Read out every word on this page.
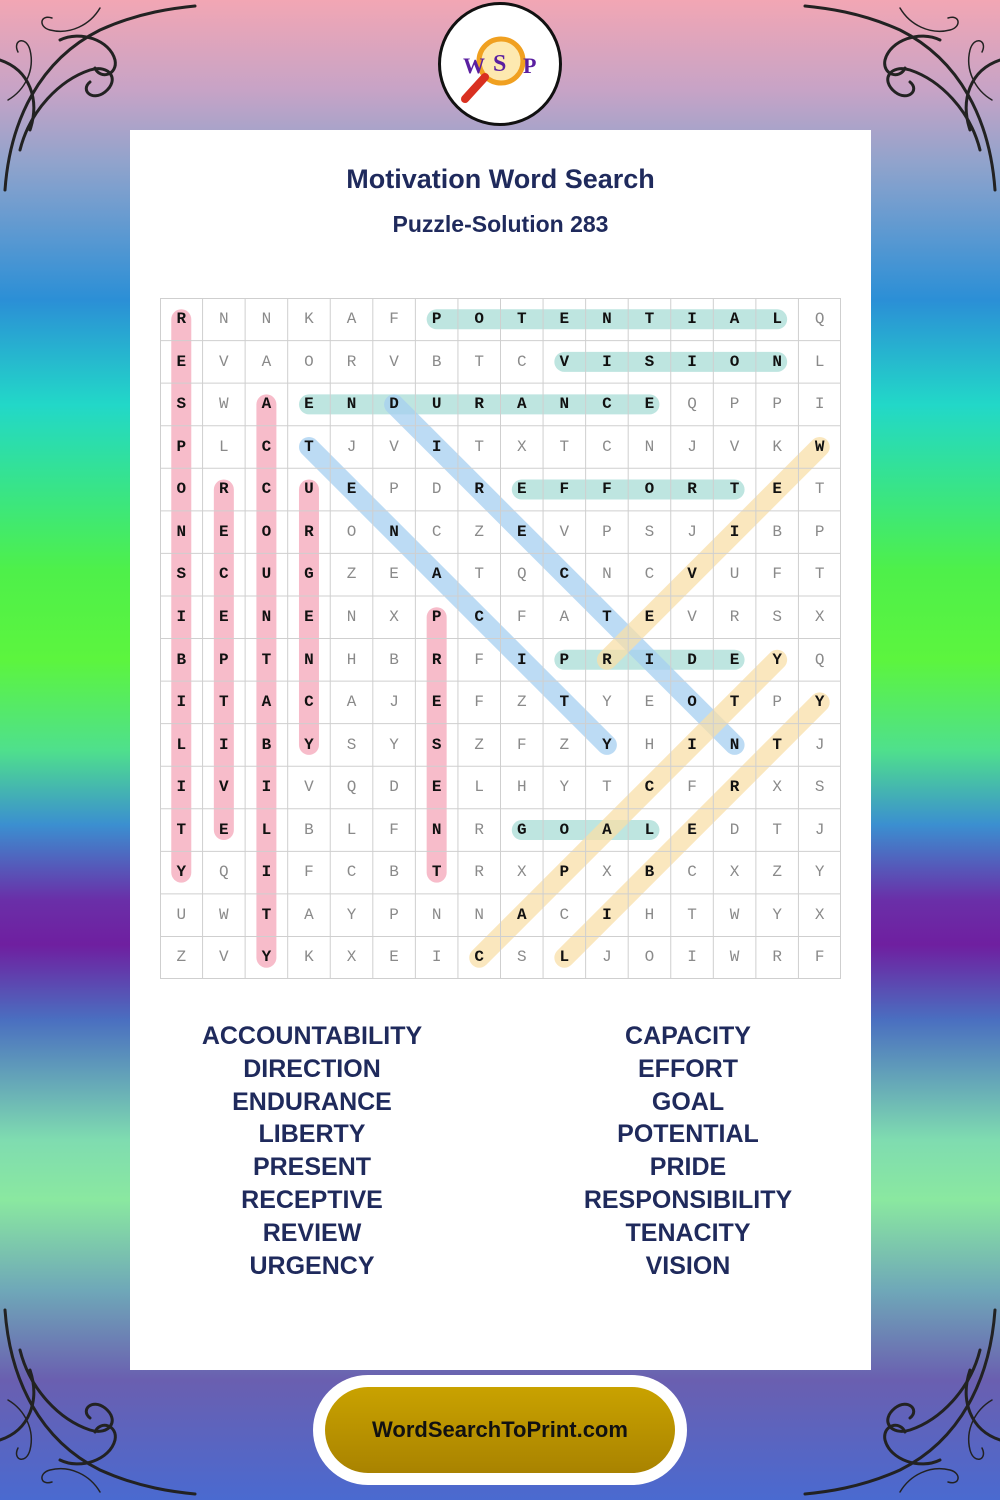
W S P
Motivation Word Search
Puzzle-Solution 283
R	N	N	K	A	F	P	O	T	E	N	T	I	A	L	Q
E	V	A	O	R	V	B	T	C	V	I	S	I	O	N	L
S	W	A	E	N	D	U	R	A	N	C	E	Q	P	P	I
P	L	C	T	J	V	I	T	X	T	C	N	J	V	K	W
O	R	C	U	E	P	D	R	E	F	F	O	R	T	E	T
N	E	O	R	O	N	C	Z	E	V	P	S	J	I	B	P
S	C	U	G	Z	E	A	T	Q	C	N	C	V	U	F	T
I	E	N	E	N	X	P	C	F	A	T	E	V	R	S	X
B	P	T	N	H	B	R	F	I	P	R	I	D	E	Y	Q
I	T	A	C	A	J	E	F	Z	T	Y	E	O	T	P	Y
L	I	B	Y	S	Y	S	Z	F	Z	Y	H	I	N	T	J
I	V	I	V	Q	D	E	L	H	Y	T	C	F	R	X	S
T	E	L	B	L	F	N	R	G	O	A	L	E	D	T	J
Y	Q	I	F	C	B	T	R	X	P	X	B	C	X	Z	Y
U	W	T	A	Y	P	N	N	A	C	I	H	T	W	Y	X
Z	V	Y	K	X	E	I	C	S	L	J	O	I	W	R	F
ACCOUNTABILITY
DIRECTION
ENDURANCE
LIBERTY
PRESENT
RECEPTIVE
REVIEW
URGENCY
CAPACITY
EFFORT
GOAL
POTENTIAL
PRIDE
RESPONSIBILITY
TENACITY
VISION
WordSearchToPrint.com
